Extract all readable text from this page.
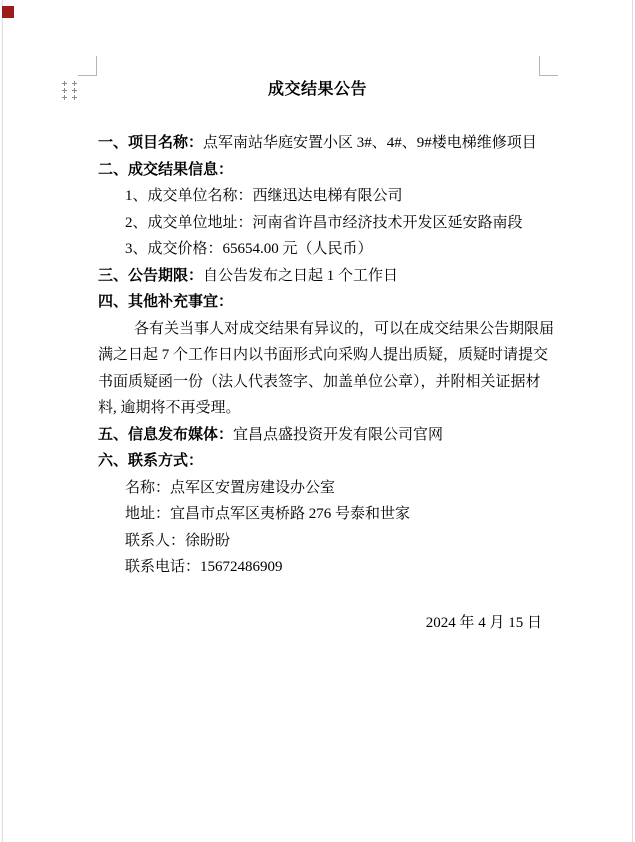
成交结果公告

一、项目名称：点军南站华庭安置小区 3#、4#、9#楼电梯维修项目

二、成交结果信息：

1、成交单位名称：西继迅达电梯有限公司

2、成交单位地址：河南省许昌市经济技术开发区延安路南段

3、成交价格：65654.00 元（人民币）

三、公告期限：自公告发布之日起 1 个工作日

四、其他补充事宜：

各有关当事人对成交结果有异议的，可以在成交结果公告期限届

满之日起 7 个工作日内以书面形式向采购人提出质疑，质疑时请提交

书面质疑函一份（法人代表签字、加盖单位公章），并附相关证据材

料, 逾期将不再受理。

五、信息发布媒体：宜昌点盛投资开发有限公司官网

六、联系方式：

名称：点军区安置房建设办公室

地址：宜昌市点军区夷桥路 276 号泰和世家

联系人：徐盼盼

联系电话：15672486909

2024 年 4 月 15 日
